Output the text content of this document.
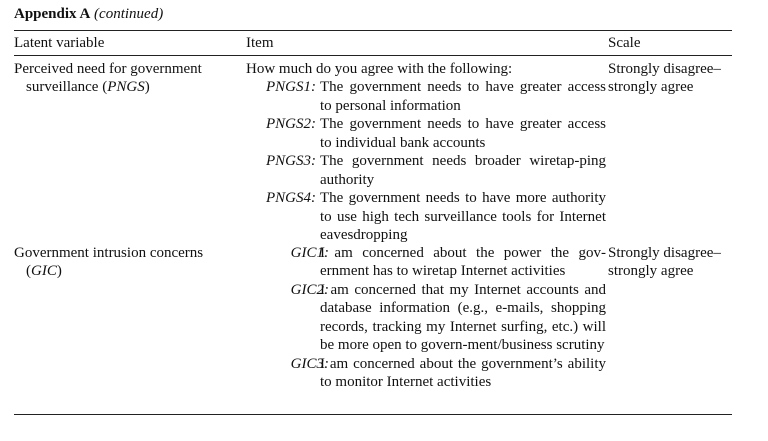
Appendix A (continued)
Latent variable	Item	Scale
Perceived need for government
surveillance (PNGS)
How much do you agree with the following:
PNGS1: The government needs to have greater access to personal information
PNGS2: The government needs to have greater access to individual bank accounts
PNGS3: The government needs broader wiretap-ping authority
PNGS4: The government needs to have more authority to use high tech surveillance tools for Internet eavesdropping
Strongly disagree–strongly agree
Government intrusion concerns
(GIC)
GIC1:
I am concerned about the power the gov-ernment has to wiretap Internet activities
GIC2:
I am concerned that my Internet accounts and database information (e.g., e-mails, shopping records, tracking my Internet surfing, etc.) will be more open to govern-ment/business scrutiny
GIC3:
I am concerned about the government’s ability to monitor Internet activities
Strongly disagree–strongly agree
